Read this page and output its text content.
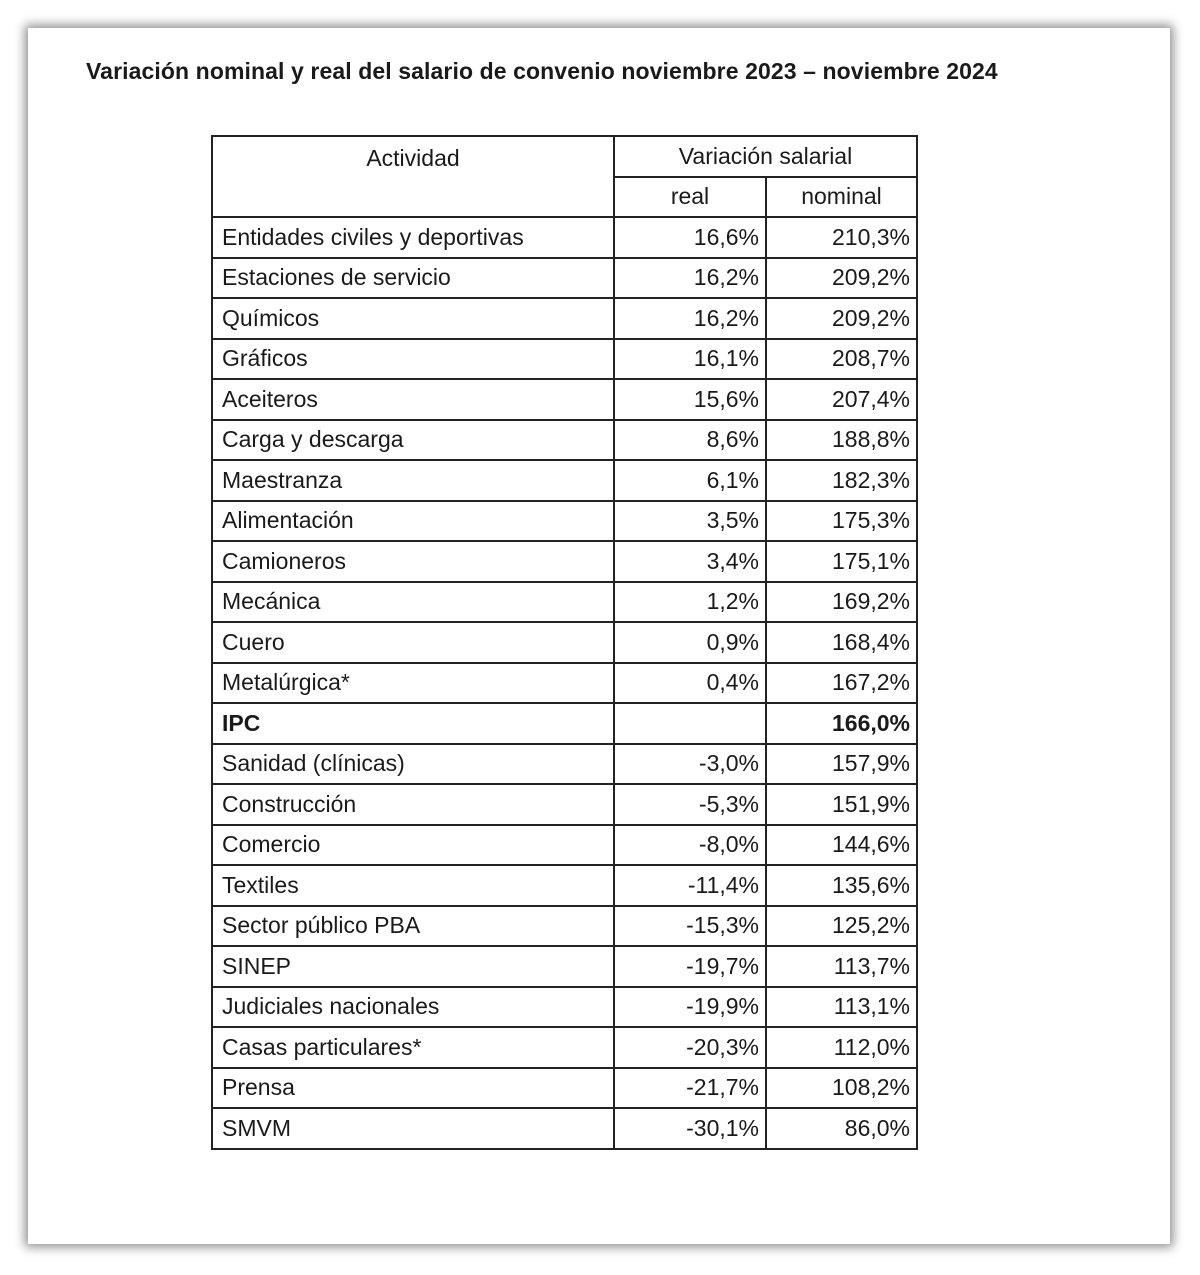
Variación nominal y real del salario de convenio noviembre 2023 – noviembre 2024
Actividad	Variación salarial	
	real	nominal
Entidades civiles y deportivas	16,6%	210,3%
Estaciones de servicio	16,2%	209,2%
Químicos	16,2%	209,2%
Gráficos	16,1%	208,7%
Aceiteros	15,6%	207,4%
Carga y descarga	8,6%	188,8%
Maestranza	6,1%	182,3%
Alimentación	3,5%	175,3%
Camioneros	3,4%	175,1%
Mecánica	1,2%	169,2%
Cuero	0,9%	168,4%
Metalúrgica*	0,4%	167,2%
IPC		166,0%
Sanidad (clínicas)	-3,0%	157,9%
Construcción	-5,3%	151,9%
Comercio	-8,0%	144,6%
Textiles	-11,4%	135,6%
Sector público PBA	-15,3%	125,2%
SINEP	-19,7%	113,7%
Judiciales nacionales	-19,9%	113,1%
Casas particulares*	-20,3%	112,0%
Prensa	-21,7%	108,2%
SMVM	-30,1%	86,0%
